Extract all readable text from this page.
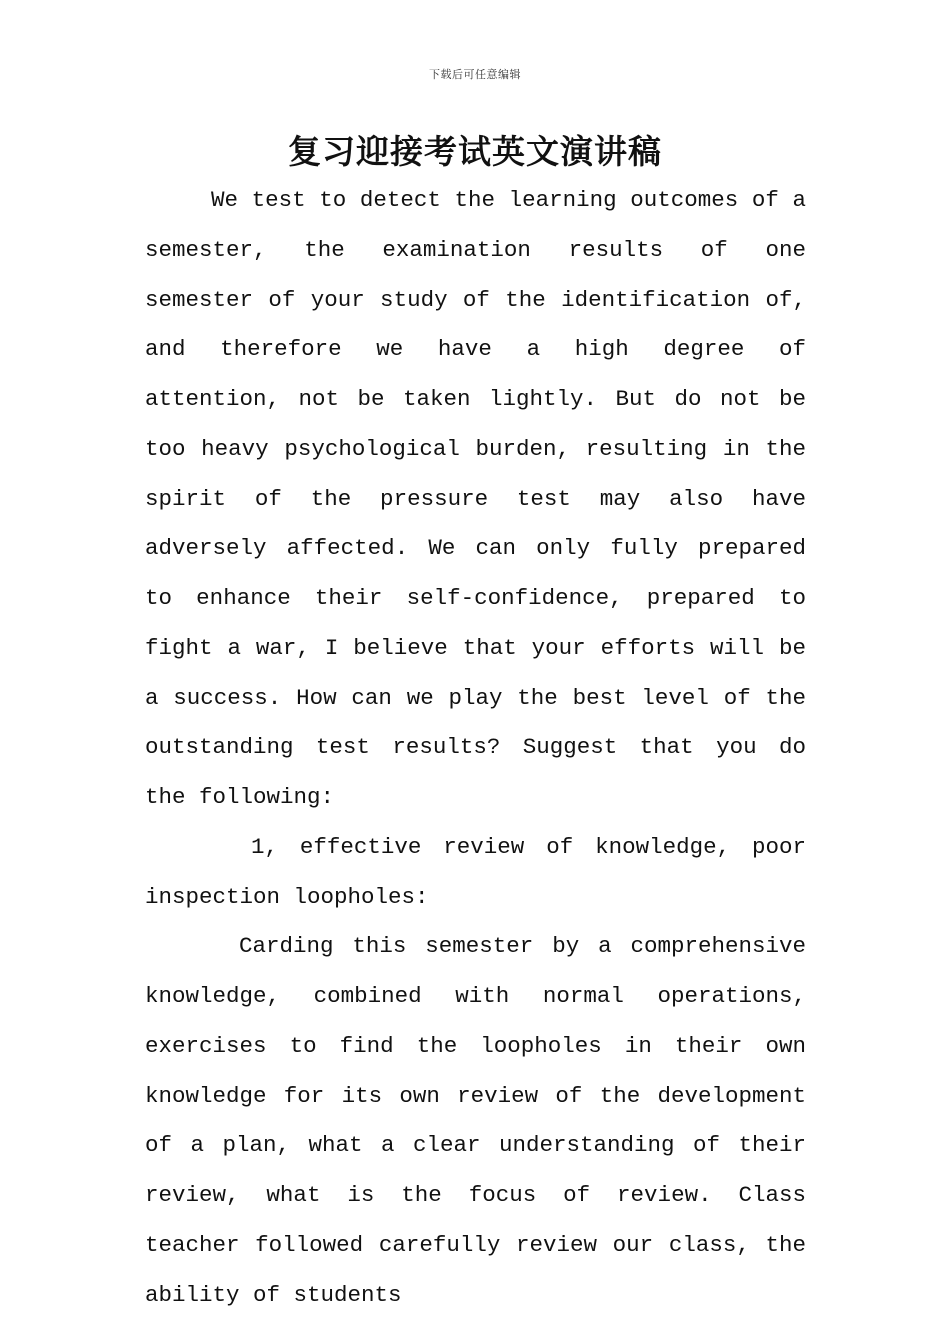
下载后可任意编辑
复习迎接考试英文演讲稿

We test to detect the learning outcomes of a semester, the examination results of one semester of your study of the identification of, and therefore we have a high degree of attention, not be taken lightly. But do not be too heavy psychological burden, resulting in the spirit of the pressure test may also have adversely affected. We can only fully prepared to enhance their self-confidence, prepared to fight a war, I believe that your efforts will be a success. How can we play the best level of the outstanding test results? Suggest that you do the following:

1, effective review of knowledge, poor inspection loopholes:

Carding this semester by a comprehensive knowledge, combined with normal operations, exercises to find the loopholes in their own knowledge for its own review of the development of a plan, what a clear understanding of their review, what is the focus of review. Class teacher followed carefully review our class, the ability of students
